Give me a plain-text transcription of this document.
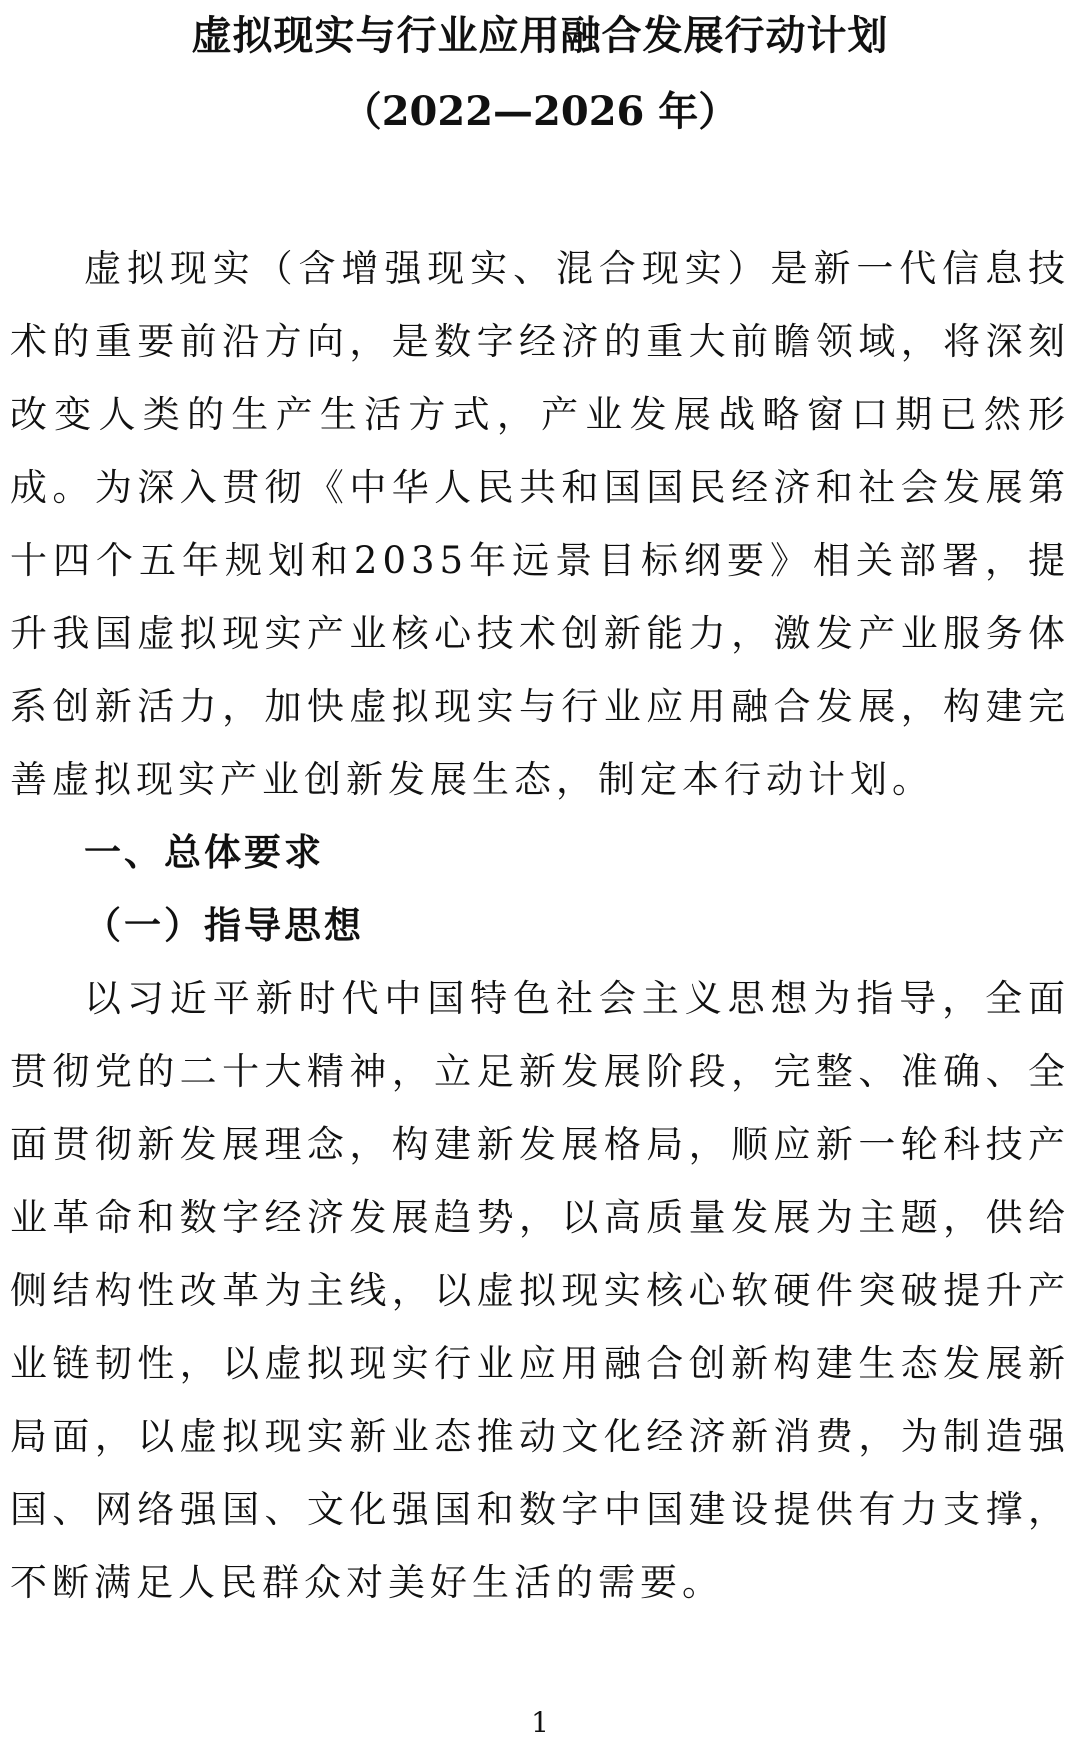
虚拟现实与行业应用融合发展行动计划
（2022—2026 年）

虚拟现实（含增强现实、混合现实）是新一代信息技术的重要前沿方向，是数字经济的重大前瞻领域，将深刻改变人类的生产生活方式，产业发展战略窗口期已然形成。为深入贯彻《中华人民共和国国民经济和社会发展第十四个五年规划和2035年远景目标纲要》相关部署，提升我国虚拟现实产业核心技术创新能力，激发产业服务体系创新活力，加快虚拟现实与行业应用融合发展，构建完善虚拟现实产业创新发展生态，制定本行动计划。

一、总体要求

（一）指导思想

以习近平新时代中国特色社会主义思想为指导，全面贯彻党的二十大精神，立足新发展阶段，完整、准确、全面贯彻新发展理念，构建新发展格局，顺应新一轮科技产业革命和数字经济发展趋势，以高质量发展为主题，供给侧结构性改革为主线，以虚拟现实核心软硬件突破提升产业链韧性，以虚拟现实行业应用融合创新构建生态发展新局面，以虚拟现实新业态推动文化经济新消费，为制造强国、网络强国、文化强国和数字中国建设提供有力支撑，不断满足人民群众对美好生活的需要。

1
